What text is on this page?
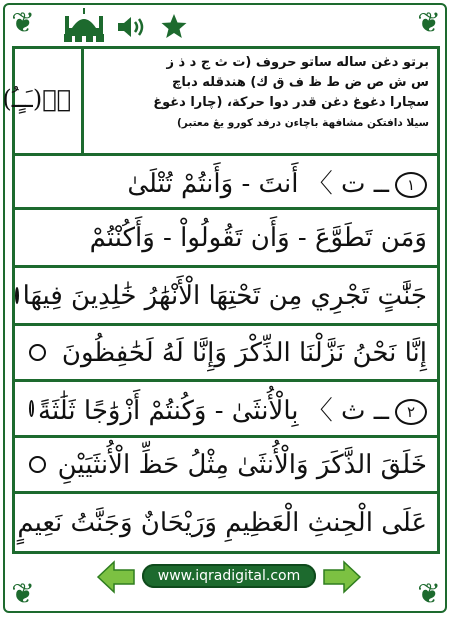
❦	❦
❦	❦
نۡ(ـَـٍـُ)
برتو دغن ساله ساتو حروف (ت ث ج د ذ ز
س ش ص ض ط ظ ف ق ك) هندقله دباچ
سچارا دغوغ دغن قدر دوا حركة، (چارا دغوغ
سيلا دافتكن مشافهة باچاءن درفد كورو يڠ معتبر)
١ــ ت 〉 أَنتَ - وَأَنتُمْ تُتْلَىٰ
وَمَن تَطَوَّعَ - وَأَن تَقُولُواْ - وَأَكُنْتُمْ
جَنَّٰتٍ تَجْرِي مِن تَحْتِهَا الْأَنْهَٰرُ خَٰلِدِينَ فِيهَا
إِنَّا نَحْنُ نَزَّلْنَا الذِّكْرَ وَإِنَّا لَهُ لَحَٰفِظُونَ
٢ــ ث 〉 بِالْأُنثَىٰ - وَكُنتُمْ أَزْوَٰجًا ثَلَٰثَةً
خَلَقَ الذَّكَرَ وَالْأُنثَىٰ مِثْلُ حَظِّ الْأُنثَيَيْنِ
عَلَى الْحِنثِ الْعَظِيمِ وَرَيْحَانٌ وَجَنَّتُ نَعِيمٍ
www.iqradigital.com
